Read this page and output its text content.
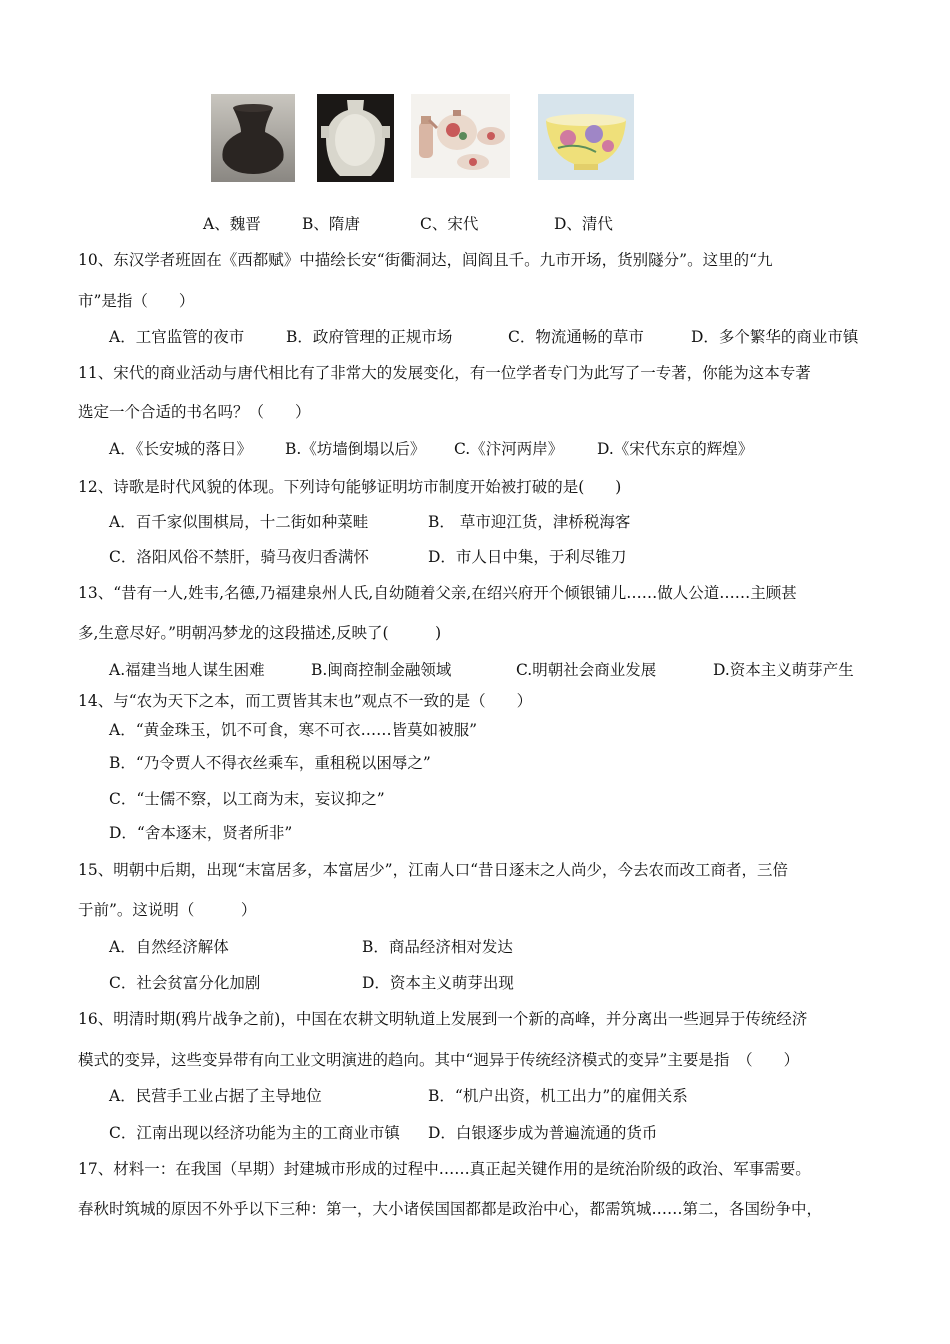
A、魏晋	B、隋唐	C、宋代	D、清代
10、东汉学者班固在《西都赋》中描绘长安“街衢洞达，闾阎且千。九市开场，货别隧分”。这里的“九
市”是指（　　）
A．工官监管的夜市	B．政府管理的正规市场	C．物流通畅的草市	D．多个繁华的商业市镇
11、宋代的商业活动与唐代相比有了非常大的发展变化，有一位学者专门为此写了一专著，你能为这本专著
选定一个合适的书名吗？（　　）
A．《长安城的落日》 B.《坊墙倒塌以后》 C.《汴河两岸》 D.《宋代东京的辉煌》
12、诗歌是时代风貌的体现。下列诗句能够证明坊市制度开始被打破的是(　　)
A．百千家似围棋局，十二街如种菜畦	B． 草市迎江货，津桥税海客
C．洛阳风俗不禁肝，骑马夜归香满怀	D．市人日中集，于利尽锥刀
13、“昔有一人,姓韦,名德,乃福建泉州人氏,自幼随着父亲,在绍兴府开个倾银铺儿……做人公道……主顾甚
多,生意尽好。”明朝冯梦龙的这段描述,反映了(　　　)
A.福建当地人谋生困难	B.闽商控制金融领域	C.明朝社会商业发展	D.资本主义萌芽产生
14、与“农为天下之本，而工贾皆其末也”观点不一致的是（　　）
A．“黄金珠玉，饥不可食，寒不可衣……皆莫如被服”
B．“乃令贾人不得衣丝乘车，重租税以困辱之”
C．“士儒不察，以工商为末，妄议抑之”
D．“舍本逐末，贤者所非”
15、明朝中后期，出现“末富居多，本富居少”，江南人口“昔日逐末之人尚少，今去农而改工商者，三倍
于前”。这说明（　　　）
A．自然经济解体	B．商品经济相对发达
C．社会贫富分化加剧	D．资本主义萌芽出现
16、明清时期(鸦片战争之前)，中国在农耕文明轨道上发展到一个新的高峰，并分离出一些迥异于传统经济
模式的变异，这些变异带有向工业文明演进的趋向。其中“迥异于传统经济模式的变异”主要是指　（　　）
A．民营手工业占据了主导地位	B．“机户出资，机工出力”的雇佣关系
C．江南出现以经济功能为主的工商业市镇 D．白银逐步成为普遍流通的货币
17、材料一：在我国（早期）封建城市形成的过程中……真正起关键作用的是统治阶级的政治、军事需要。
春秋时筑城的原因不外乎以下三种：第一，大小诸侯国国都都是政治中心，都需筑城……第二，各国纷争中，
